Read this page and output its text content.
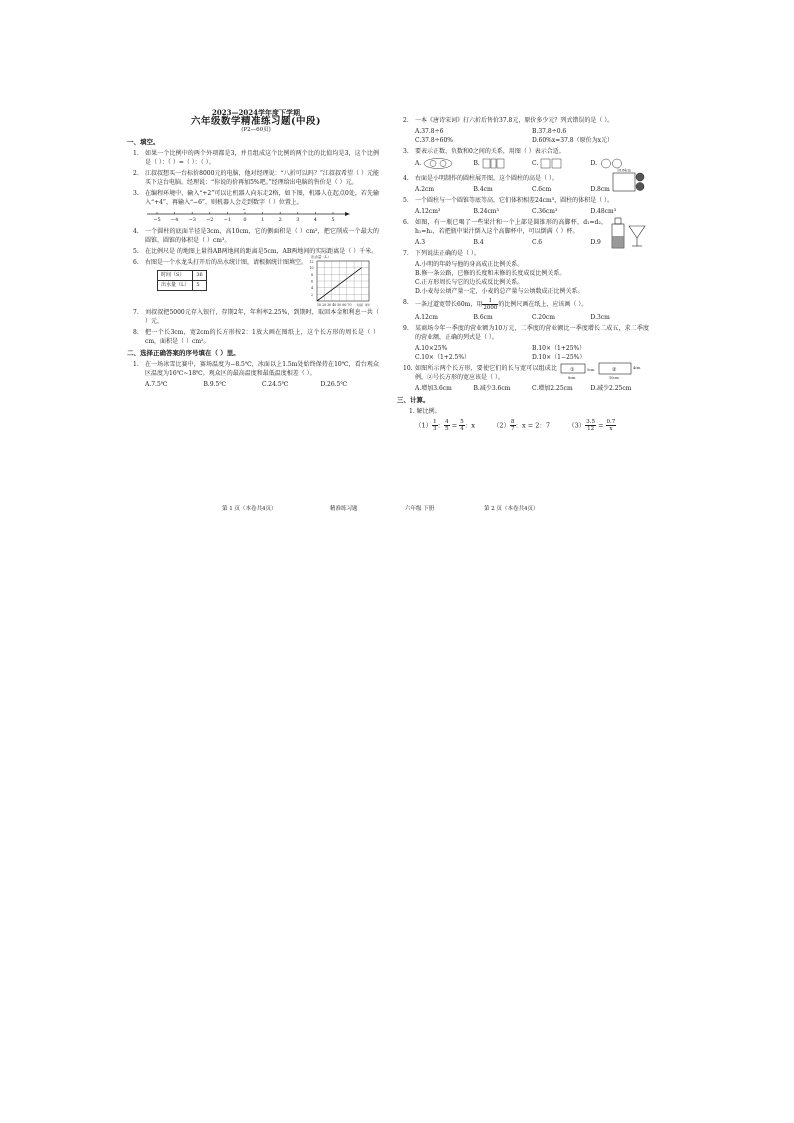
2023—2024学年度下学期
六年级数学精准练习题(中段)
(P2—60页)
一、填空。
1. 如果一个比例中的两个外项都是3，并且组成这个比例的两个比的比值均是3，这个比例是（ ）：（ ）=（ ）：（ ）。
2. 江叔叔想买一台标价8000元的电脑，他对经理说：“八折可以吗？”江叔叔希望（ ）元能买下这台电脑。经理说：“你说的价再加5%吧。”经理给出电脑的售价是（ ）元。
3. 在编程环境中，输入“+2”可以让机器人向东走2格，如下图，机器人在起点0处，若先输入“+4”，再输入“−6”，则机器人会走到数字（ ）位置上。
−5 −4 −3 −2 −1 0	1	2	3	4	5
4. 一个圆柱的底面半径是3cm，高10cm，它的侧面积是（ ）cm²，把它削成一个最大的圆锥，圆锥的体积是（ ）cm³。
5. 在比例尺是 的地图上量得AB两地间的距离是5cm，AB两地间的实际距离是（ ）千米。
6. 右图是一个水龙头打开后的出水统计图，请根据统计图填空。
时间（S）	36
出水量（L）	5
出水量（L）
12
10
8
6
4
2
10 20 30 40 50 60 70 时间（秒）
7. 刘叔叔把5000元存入银行，存期2年，年利率2.25%，到期时，取回本金和利息一共（ ）元。
8. 把一个长3cm，宽2cm的长方形按2：1放大画在图纸上，这个长方形的周长是（ ）cm，面积是（ ）cm²。
二、选择正确答案的序号填在（ ）里。
1. 在一场冰雪比赛中，赛场温度为−8.5℃，冰面以上1.5m处始终保持在10℃，看台观众区温度为16℃~18℃。观众区的最高温度和最低温度相差（ ）。
A.7.5℃	B.9.5℃	C.24.5℃	D.26.5℃
2. 一本《唐诗宋词》打六折后售价37.8元，原价多少元？列式错误的是（ ）。
A.37.8÷6	B.37.8÷0.6
C.37.8÷60%	D.60%x=37.8（原价为x元）
3. 要表示正数、负数和0之间的关系，用图（ ）表示合适。
A.	B.	C.	D.
4. 右面是小明制作的圆柱展开图，这个圆柱的高是（ ）。
18.84cm
A.2cm	B.4cm	C.6cm	D.8cm
5. 一个圆柱与一个圆锥等底等高，它们体积相差24cm³，圆柱的体积是（ ）。
A.12cm³	B.24cm³	C.36cm³	D.48cm³
6. 如图，有一瓶已喝了一些果汁和一个上部是圆锥形的高脚杯，d₁=d₂，h₁=h₂，若把瓶中果汁倒入这个高脚杯中，可以倒满（ ）杯。
A.3	B.4	C.6	D.9
7. 下列说法正确的是（ ）。
A.小明的年龄与他的身高成正比例关系。
B.修一条公路，已修的长度和未修的长度成反比例关系。
C.正方形周长与它的边长成反比例关系。
D.小麦每公顷产量一定，小麦的总产量与公顷数成正比例关系。
8. 一条过道宽带长60m，用 $\frac{1}{2000}$ 的比例尺画在纸上，应该画（ ）。
A.12cm	B.6cm	C.20cm	D.3cm
9. 某商场今年一季度的营业额为10万元，二季度的营业额比一季度增长二成五，求二季度的营业额，正确的列式是（ ）。
A.10×25%	B.10×（1+25%）
C.10×（1+2.5%）	D.10×（1−25%）
10. 如图所示两个长方形，要使它们的长与宽可以组成比例，②号长方形的宽应该是（ ）。
①	5cm
8cm
②	4cm
10cm
A.增加3.6cm	B.减少3.6cm	C.增加2.25cm	D.减少2.25cm
三、计算。
1. 解比例。
$(1) \frac{1}{3}$ ： $\frac{4}{5} = \frac{5}{4}$ ：x	$(2) \frac{8}{7}$ ：x = 2：7	$(3) \frac{3.5}{12} = \frac{0.7}{x}$
第 1 页（本卷共4页）	精准练习题	六年级 下册	第 2 页（本卷共4页）
